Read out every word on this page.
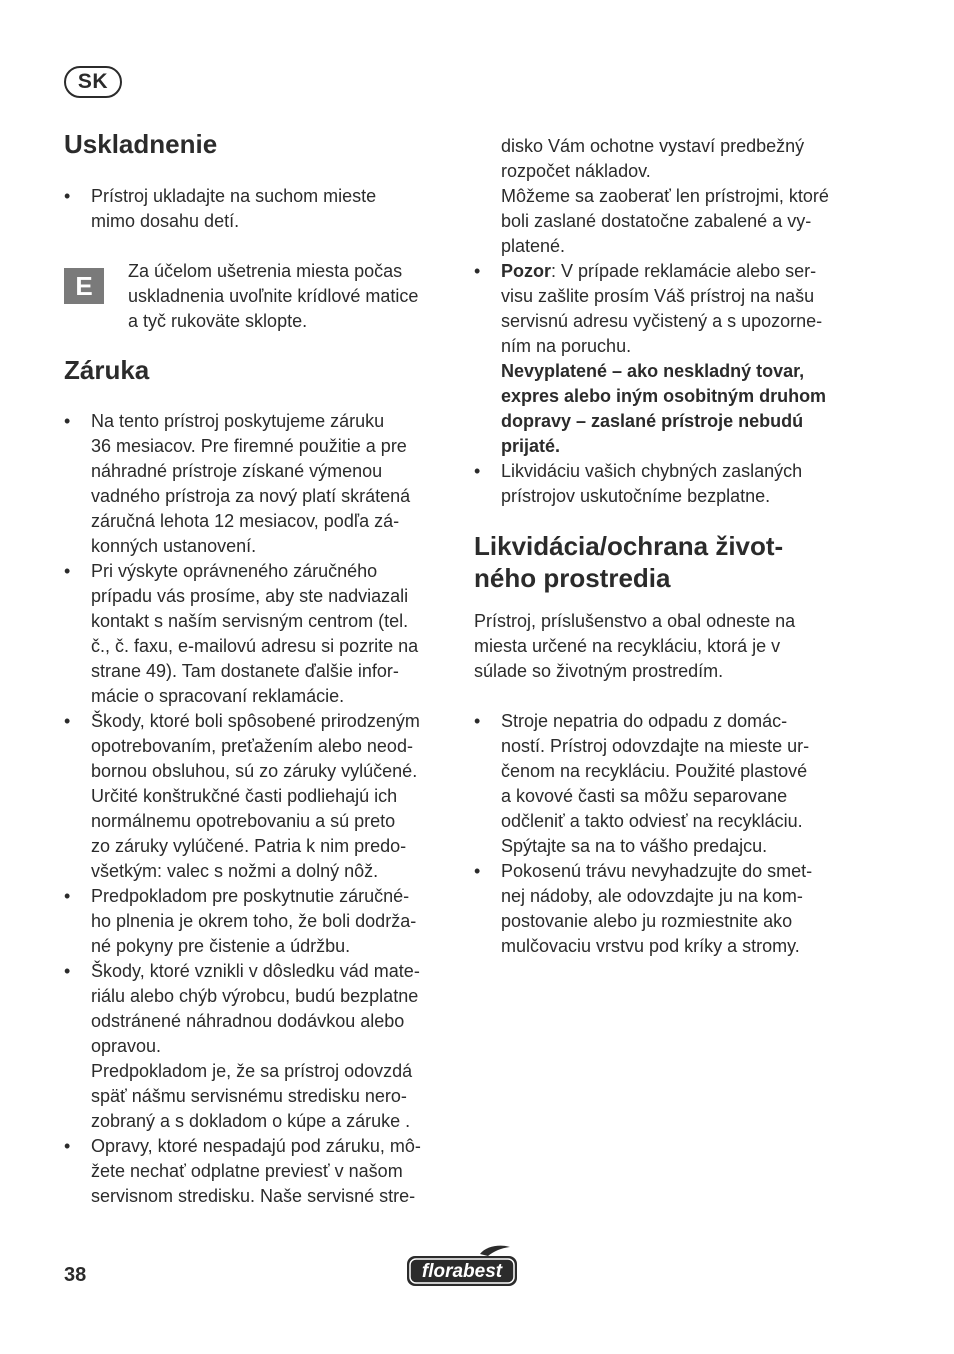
SK
Uskladnenie
• Prístroj ukladajte na suchom mieste
mimo dosahu detí.
E	Za účelom ušetrenia miesta počas
uskladnenia uvoľnite krídlové matice
a tyč rukoväte sklopte.
Záruka
• Na tento prístroj poskytujeme záruku
36 mesiacov. Pre firemné použitie a pre
náhradné prístroje získané výmenou
vadného prístroja za nový platí skrátená
záručná lehota 12 mesiacov, podľa zá-
konných ustanovení.
• Pri výskyte oprávneného záručného
prípadu vás prosíme, aby ste nadviazali
kontakt s naším servisným centrom (tel.
č., č. faxu, e-mailovú adresu si pozrite na
strane 49). Tam dostanete ďalšie infor-
mácie o spracovaní reklamácie.
• Škody, ktoré boli spôsobené prirodzeným
opotrebovaním, preťažením alebo neod-
bornou obsluhou, sú zo záruky vylúčené.
Určité konštrukčné časti podliehajú ich
normálnemu opotrebovaniu a sú preto
zo záruky vylúčené. Patria k nim predo-
všetkým: valec s nožmi a dolný nôž.
• Predpokladom pre poskytnutie záručné-
ho plnenia je okrem toho, že boli dodrža-
né pokyny pre čistenie a údržbu.
• Škody, ktoré vznikli v dôsledku vád mate-
riálu alebo chýb výrobcu, budú bezplatne
odstránené náhradnou dodávkou alebo
opravou.
Predpokladom je, že sa prístroj odovzdá
späť nášmu servisnému stredisku nero-
zobraný a s dokladom o kúpe a záruke .
• Opravy, ktoré nespadajú pod záruku, mô-
žete nechať odplatne previesť v našom
servisnom stredisku. Naše servisné stre-
disko Vám ochotne vystaví predbežný
rozpočet nákladov.
Môžeme sa zaoberať len prístrojmi, ktoré
boli zaslané dostatočne zabalené a vy-
platené.
• Pozor: V prípade reklamácie alebo ser-
visu zašlite prosím Váš prístroj na našu
servisnú adresu vyčistený a s upozorne-
ním na poruchu.
Nevyplatené – ako neskladný tovar,
expres alebo iným osobitným druhom
dopravy – zaslané prístroje nebudú
prijaté.
• Likvidáciu vašich chybných zaslaných
prístrojov uskutočníme bezplatne.
Likvidácia/ochrana život-
ného prostredia

Prístroj, príslušenstvo a obal odneste na
miesta určené na recykláciu, ktorá je v
súlade so životným prostredím.

• Stroje nepatria do odpadu z domác-
ností. Prístroj odovzdajte na mieste ur-
čenom na recykláciu. Použité plastové
a kovové časti sa môžu separovane
odčleniť a takto odviesť na recykláciu.
Spýtajte sa na to vášho predajcu.
• Pokosenú trávu nevyhadzujte do smet-
nej nádoby, ale odovzdajte ju na kom-
postovanie alebo ju rozmiestnite ako
mulčovaciu vrstvu pod kríky a stromy.
38	florabest
